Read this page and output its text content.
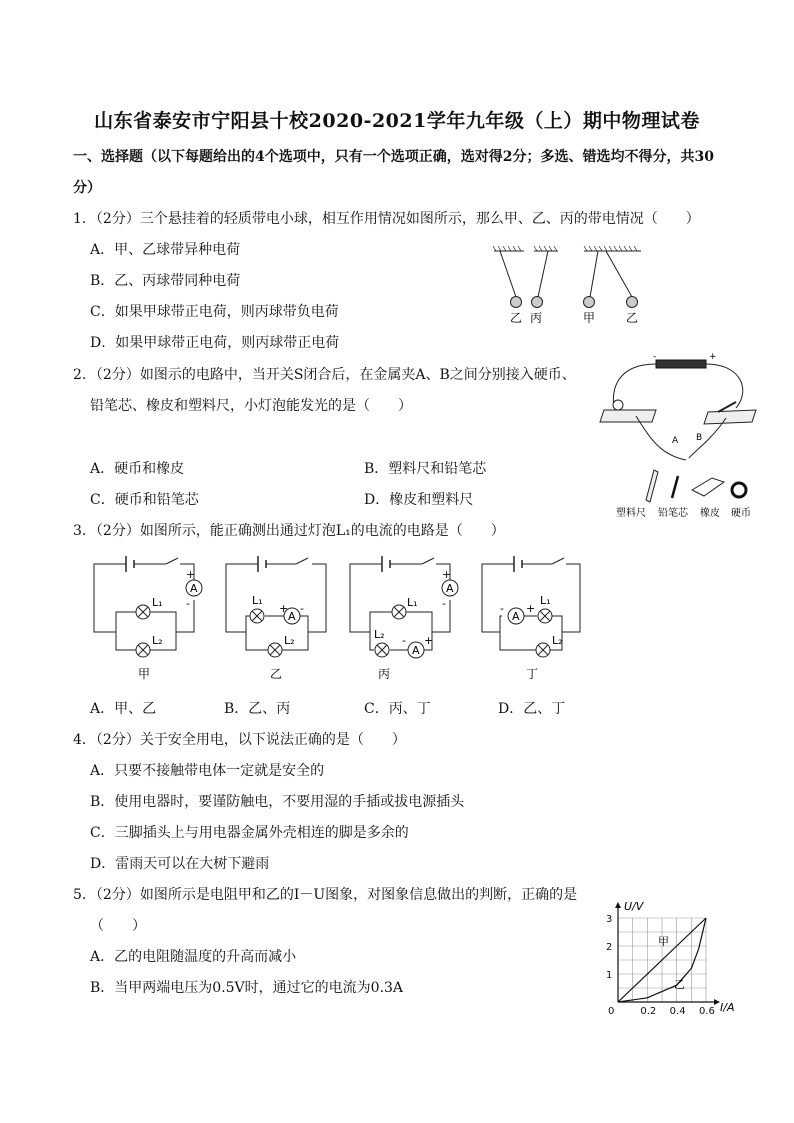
山东省泰安市宁阳县十校2020-2021学年九年级（上）期中物理试卷
一、选择题（以下每题给出的4个选项中，只有一个选项正确，选对得2分；多选、错选均不得分，共30
分）
1．（2分）三个悬挂着的轻质带电小球，相互作用情况如图所示，那么甲、乙、丙的带电情况（　　）
A．甲、乙球带异种电荷
B．乙、丙球带同种电荷
C．如果甲球带正电荷，则丙球带负电荷
D．如果甲球带正电荷，则丙球带正电荷
乙 丙	甲	乙
2．（2分）如图示的电路中，当开关S闭合后，在金属夹A、B之间分别接入硬币、
铅笔芯、橡皮和塑料尺，小灯泡能发光的是（　　）
A．硬币和橡皮	B．塑料尺和铅笔芯
C．硬币和铅笔芯	D．橡皮和塑料尺
-	+
A B
塑料尺 铅笔芯 橡皮 硬币
3．（2分）如图所示，能正确测出通过灯泡L₁的电流的电路是（　　）
A
A
A
A
A
+
-	+ -
- +
+
-	- +
L₁
L₂
L₁
L₂
L₁
L₂
L₁
L₂
甲	乙	丙	丁
A．甲、乙	B．乙、丙	C．丙、丁	D．乙、丁
4．（2分）关于安全用电，以下说法正确的是（　　）
A．只要不接触带电体一定就是安全的
B．使用电器时，要谨防触电，不要用湿的手插或拔电源插头
C．三脚插头上与用电器金属外壳相连的脚是多余的
D．雷雨天可以在大树下避雨
5．（2分）如图所示是电阻甲和乙的I－U图象，对图象信息做出的判断，正确的是
（　　）
A．乙的电阻随温度的升高而减小
B．当甲两端电压为0.5V时，通过它的电流为0.3A
0	0.2 0.4 0.6
1
2
3
U/V
I/A
甲
乙
